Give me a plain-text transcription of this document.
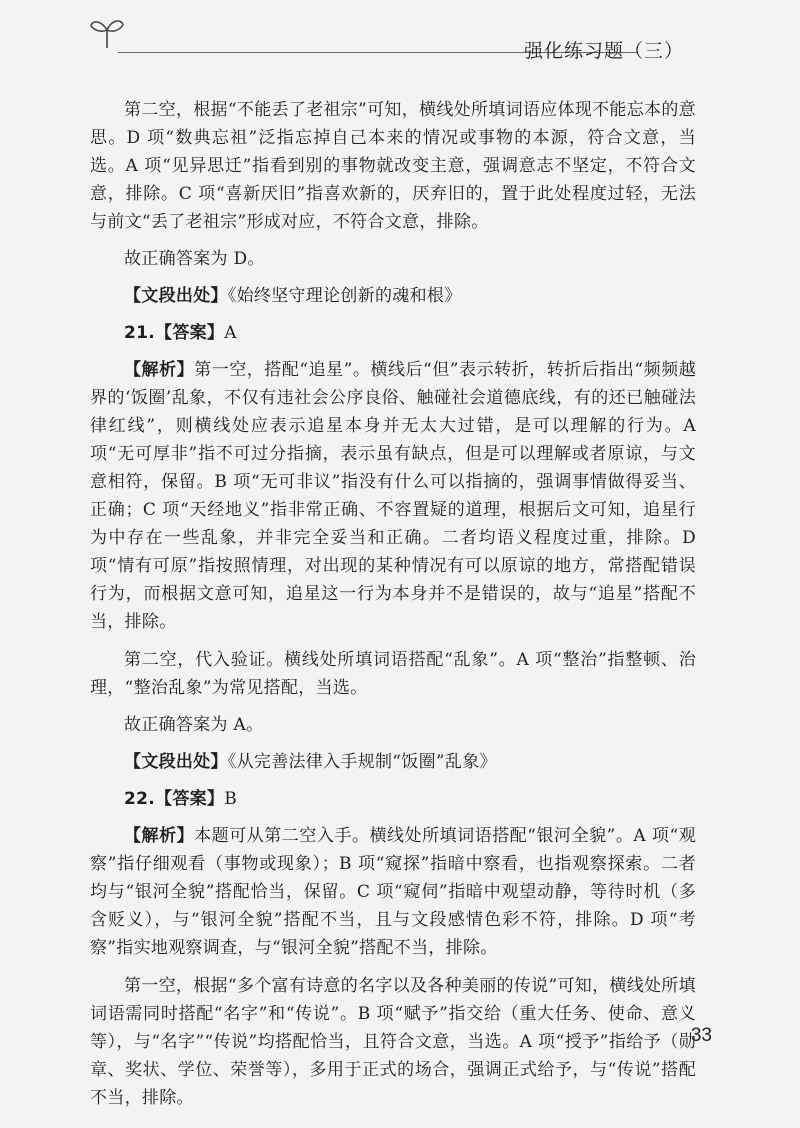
强化练习题（三）

第二空，根据“不能丢了老祖宗”可知，横线处所填词语应体现不能忘本的意思。D 项“数典忘祖”泛指忘掉自己本来的情况或事物的本源，符合文意，当选。A 项“见异思迁”指看到别的事物就改变主意，强调意志不坚定，不符合文意，排除。C 项“喜新厌旧”指喜欢新的，厌弃旧的，置于此处程度过轻，无法与前文“丢了老祖宗”形成对应，不符合文意，排除。

故正确答案为 D。

【文段出处】《始终坚守理论创新的魂和根》

21.【答案】A

【解析】第一空，搭配“追星”。横线后“但”表示转折，转折后指出“频频越界的‘饭圈’乱象，不仅有违社会公序良俗、触碰社会道德底线，有的还已触碰法律红线”，则横线处应表示追星本身并无太大过错，是可以理解的行为。A 项“无可厚非”指不可过分指摘，表示虽有缺点，但是可以理解或者原谅，与文意相符，保留。B 项“无可非议”指没有什么可以指摘的，强调事情做得妥当、正确；C 项“天经地义”指非常正确、不容置疑的道理，根据后文可知，追星行为中存在一些乱象，并非完全妥当和正确。二者均语义程度过重，排除。D 项“情有可原”指按照情理，对出现的某种情况有可以原谅的地方，常搭配错误行为，而根据文意可知，追星这一行为本身并不是错误的，故与“追星”搭配不当，排除。

第二空，代入验证。横线处所填词语搭配“乱象”。A 项“整治”指整顿、治理，“整治乱象”为常见搭配，当选。

故正确答案为 A。

【文段出处】《从完善法律入手规制“饭圈”乱象》

22.【答案】B

【解析】本题可从第二空入手。横线处所填词语搭配“银河全貌”。A 项“观察”指仔细观看（事物或现象）；B 项“窥探”指暗中察看，也指观察探索。二者均与“银河全貌”搭配恰当，保留。C 项“窥伺”指暗中观望动静，等待时机（多含贬义），与“银河全貌”搭配不当，且与文段感情色彩不符，排除。D 项“考察”指实地观察调查，与“银河全貌”搭配不当，排除。

第一空，根据“多个富有诗意的名字以及各种美丽的传说”可知，横线处所填词语需同时搭配“名字”和“传说”。B 项“赋予”指交给（重大任务、使命、意义等），与“名字”“传说”均搭配恰当，且符合文意，当选。A 项“授予”指给予（勋章、奖状、学位、荣誉等），多用于正式的场合，强调正式给予，与“传说”搭配不当，排除。

33
